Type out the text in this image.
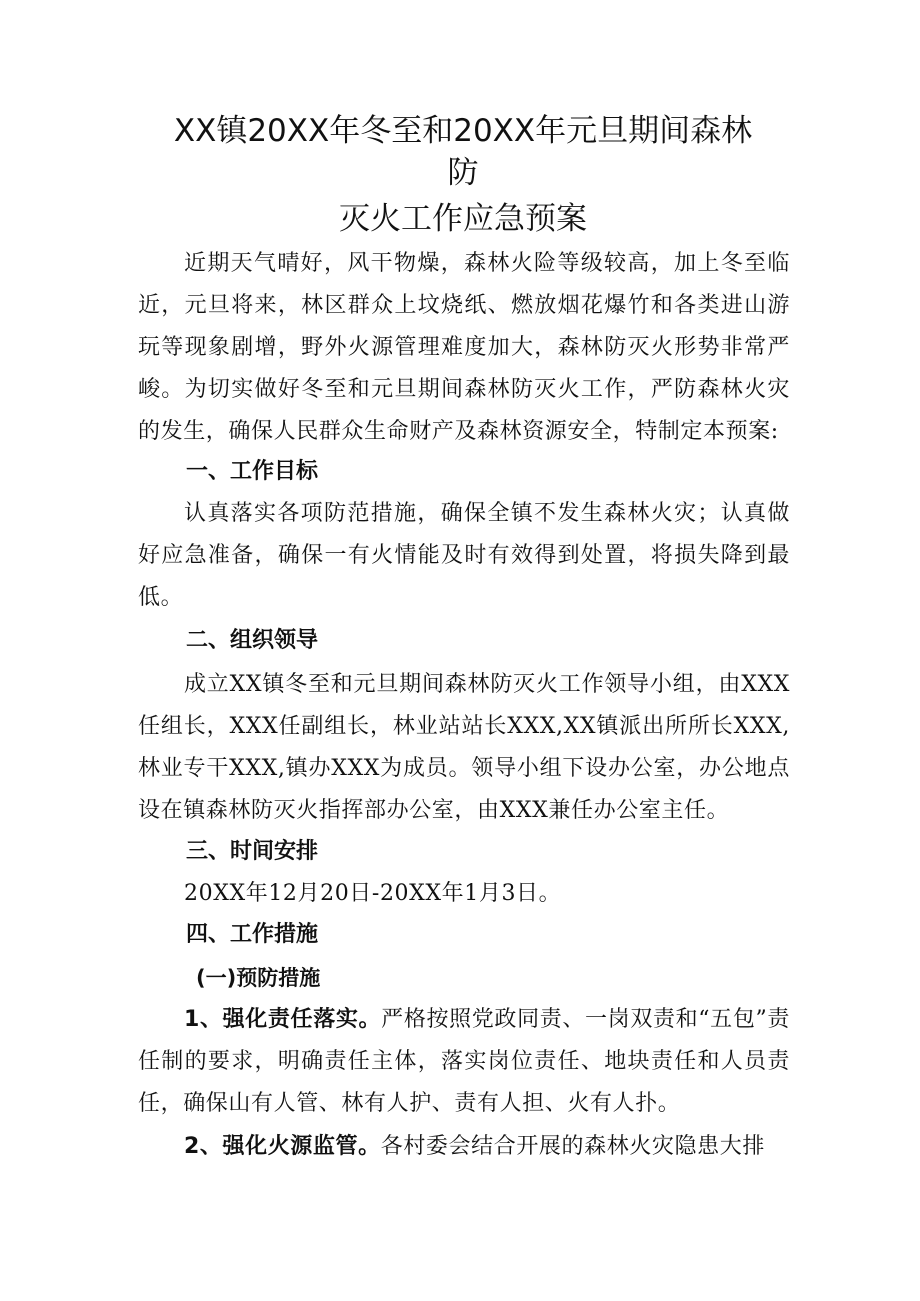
XX镇20XX年冬至和20XX年元旦期间森林
防
灭火工作应急预案

近期天气晴好，风干物燥，森林火险等级较高，加上冬至临近，元旦将来，林区群众上坟烧纸、燃放烟花爆竹和各类进山游玩等现象剧增，野外火源管理难度加大，森林防灭火形势非常严峻。为切实做好冬至和元旦期间森林防灭火工作，严防森林火灾的发生，确保人民群众生命财产及森林资源安全，特制定本预案:

一、工作目标

认真落实各项防范措施，确保全镇不发生森林火灾；认真做好应急准备，确保一有火情能及时有效得到处置，将损失降到最低。

二、组织领导

成立XX镇冬至和元旦期间森林防灭火工作领导小组，由XXX任组长，XXX任副组长，林业站站长XXX,XX镇派出所所长XXX,林业专干XXX,镇办XXX为成员。领导小组下设办公室，办公地点设在镇森林防灭火指挥部办公室，由XXX兼任办公室主任。

三、时间安排

20XX年12月20日-20XX年1月3日。

四、工作措施
(一)预防措施

1、强化责任落实。严格按照党政同责、一岗双责和“五包”责任制的要求，明确责任主体，落实岗位责任、地块责任和人员责任，确保山有人管、林有人护、责有人担、火有人扑。

2、强化火源监管。各村委会结合开展的森林火灾隐患大排
